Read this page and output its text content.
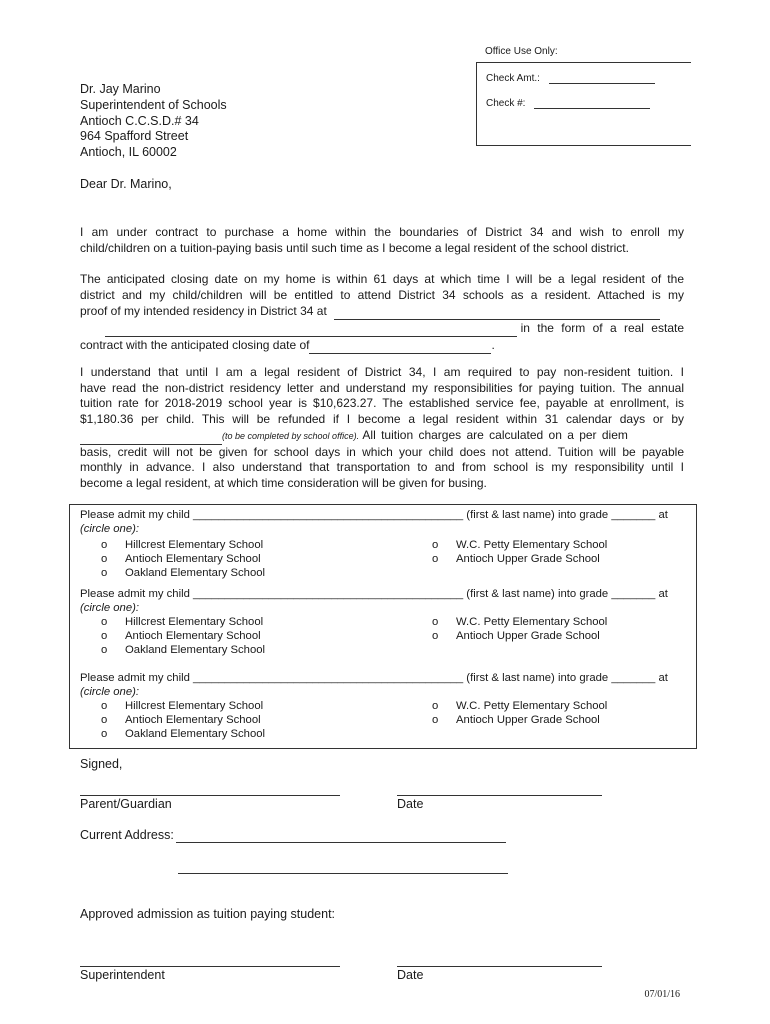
Office Use Only:
Check Amt.:
Check #:
Dr. Jay Marino
Superintendent of Schools
Antioch C.C.S.D.# 34
964 Spafford Street
Antioch, IL 60002
Dear Dr. Marino,
I am under contract to purchase a home within the boundaries of District 34 and wish to enroll my
child/children on a tuition-paying basis until such time as I become a legal resident of the school district.
The anticipated closing date on my home is within 61 days at which time I will be a legal resident of the
district and my child/children will be entitled to attend District 34 schools as a resident. Attached is my
proof of my intended residency in District 34 at
in the form of a real estate
contract with the anticipated closing date of	.
I understand that until I am a legal resident of District 34, I am required to pay non-resident tuition. I
have read the non-district residency letter and understand my responsibilities for paying tuition. The annual
tuition rate for 2018-2019 school year is $10,623.27. The established service fee, payable at enrollment, is
$1,180.36 per child. This will be refunded if I become a legal resident within 31 calendar days or by
(to be completed by school office). All tuition charges are calculated on a per diem
basis, credit will not be given for school days in which your child does not attend. Tuition will be payable
monthly in advance. I also understand that transportation to and from school is my responsibility until I
become a legal resident, at which time consideration will be given for busing.
Please admit my child ___________________________________________ (first & last name) into grade _______ at
(circle one):
o Hillcrest Elementary School
o Antioch Elementary School
o Oakland Elementary School
o W.C. Petty Elementary School
o Antioch Upper Grade School
Please admit my child ___________________________________________ (first & last name) into grade _______ at
(circle one):
o Hillcrest Elementary School
o Antioch Elementary School
o Oakland Elementary School
o W.C. Petty Elementary School
o Antioch Upper Grade School
Please admit my child ___________________________________________ (first & last name) into grade _______ at
(circle one):
o Hillcrest Elementary School
o Antioch Elementary School
o Oakland Elementary School
o W.C. Petty Elementary School
o Antioch Upper Grade School
Signed,
Parent/Guardian	Date
Current Address:
Approved admission as tuition paying student:
Superintendent	Date
07/01/16
